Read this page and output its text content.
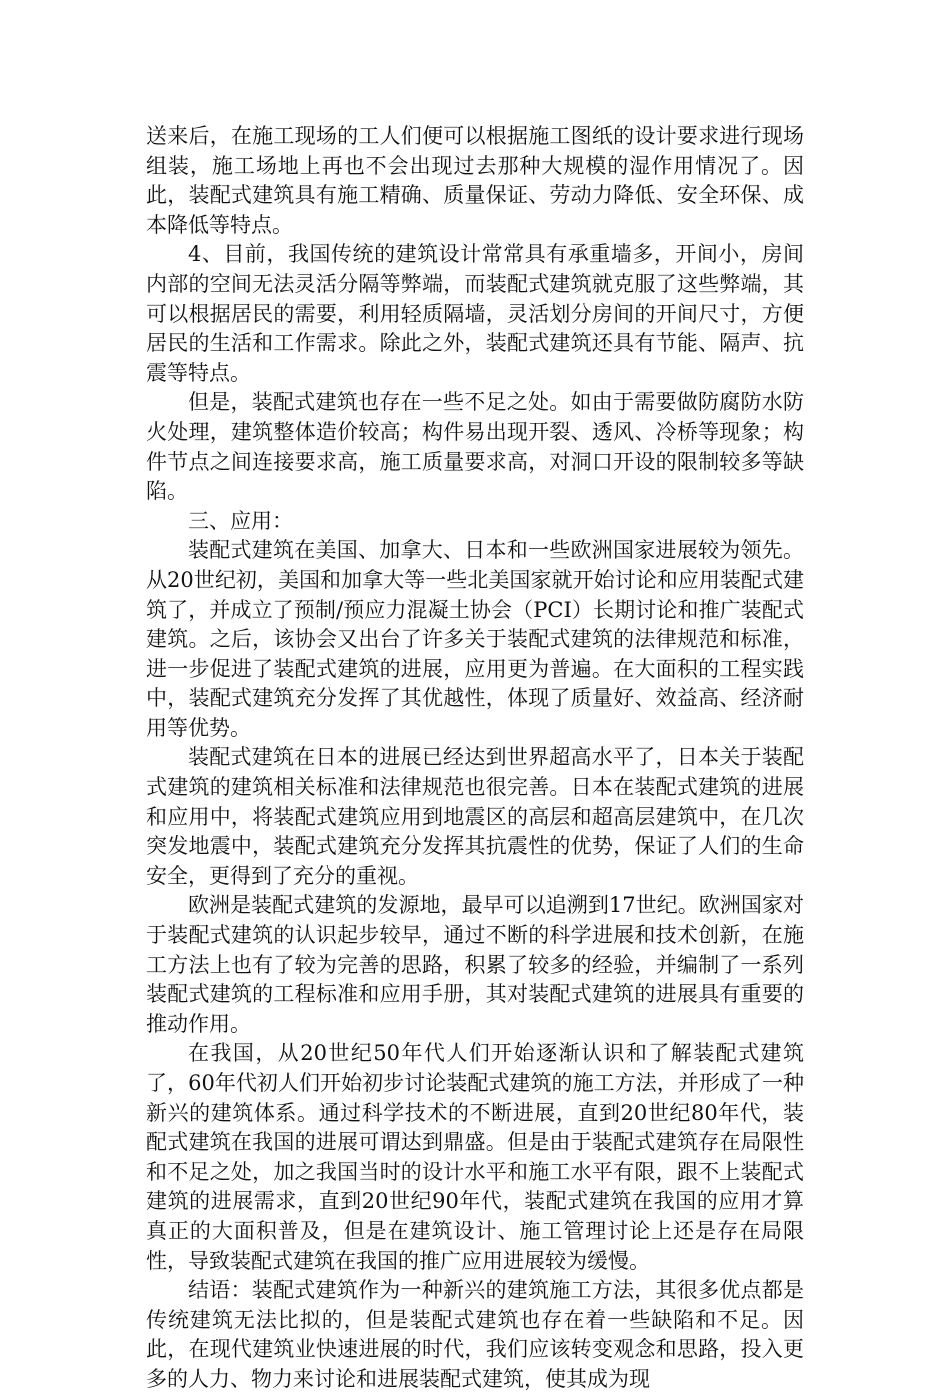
送来后，在施工现场的工人们便可以根据施工图纸的设计要求进行现场组装，施工场地上再也不会出现过去那种大规模的湿作用情况了。因此，装配式建筑具有施工精确、质量保证、劳动力降低、安全环保、成本降低等特点。

4、目前，我国传统的建筑设计常常具有承重墙多，开间小，房间内部的空间无法灵活分隔等弊端，而装配式建筑就克服了这些弊端，其可以根据居民的需要，利用轻质隔墙，灵活划分房间的开间尺寸，方便居民的生活和工作需求。除此之外，装配式建筑还具有节能、隔声、抗震等特点。

但是，装配式建筑也存在一些不足之处。如由于需要做防腐防水防火处理，建筑整体造价较高；构件易出现开裂、透风、冷桥等现象；构件节点之间连接要求高，施工质量要求高，对洞口开设的限制较多等缺陷。

三、应用：

装配式建筑在美国、加拿大、日本和一些欧洲国家进展较为领先。从20世纪初，美国和加拿大等一些北美国家就开始讨论和应用装配式建筑了，并成立了预制/预应力混凝土协会（PCI）长期讨论和推广装配式建筑。之后，该协会又出台了许多关于装配式建筑的法律规范和标准，进一步促进了装配式建筑的进展，应用更为普遍。在大面积的工程实践中，装配式建筑充分发挥了其优越性，体现了质量好、效益高、经济耐用等优势。

装配式建筑在日本的进展已经达到世界超高水平了，日本关于装配式建筑的建筑相关标准和法律规范也很完善。日本在装配式建筑的进展和应用中，将装配式建筑应用到地震区的高层和超高层建筑中，在几次突发地震中，装配式建筑充分发挥其抗震性的优势，保证了人们的生命安全，更得到了充分的重视。

欧洲是装配式建筑的发源地，最早可以追溯到17世纪。欧洲国家对于装配式建筑的认识起步较早，通过不断的科学进展和技术创新，在施工方法上也有了较为完善的思路，积累了较多的经验，并编制了一系列装配式建筑的工程标准和应用手册，其对装配式建筑的进展具有重要的推动作用。

在我国，从20世纪50年代人们开始逐渐认识和了解装配式建筑了，60年代初人们开始初步讨论装配式建筑的施工方法，并形成了一种新兴的建筑体系。通过科学技术的不断进展，直到20世纪80年代，装配式建筑在我国的进展可谓达到鼎盛。但是由于装配式建筑存在局限性和不足之处，加之我国当时的设计水平和施工水平有限，跟不上装配式建筑的进展需求，直到20世纪90年代，装配式建筑在我国的应用才算真正的大面积普及，但是在建筑设计、施工管理讨论上还是存在局限性，导致装配式建筑在我国的推广应用进展较为缓慢。

结语：装配式建筑作为一种新兴的建筑施工方法，其很多优点都是传统建筑无法比拟的，但是装配式建筑也存在着一些缺陷和不足。因此，在现代建筑业快速进展的时代，我们应该转变观念和思路，投入更多的人力、物力来讨论和进展装配式建筑，使其成为现
